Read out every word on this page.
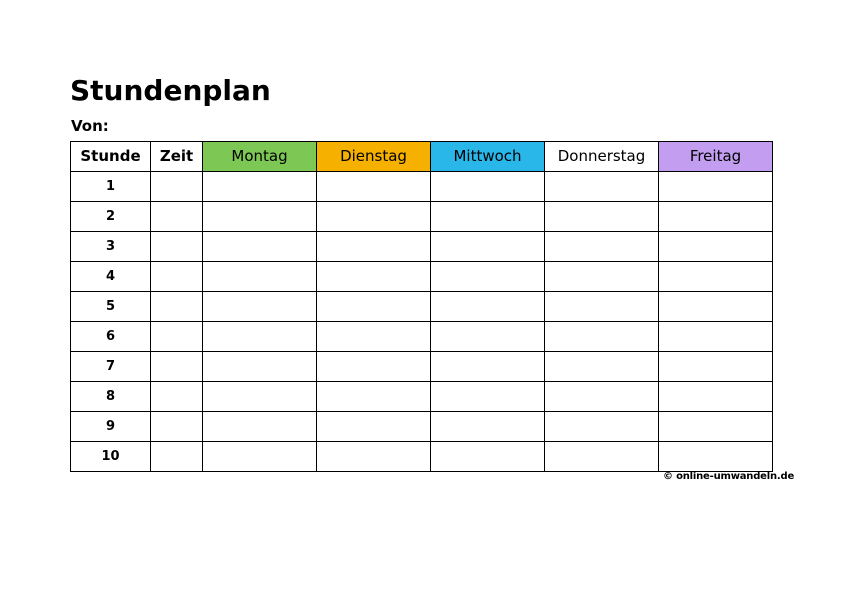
Stundenplan
Von:
Stunde	Zeit	Montag	Dienstag	Mittwoch	Donnerstag	Freitag
1						
2						
3						
4						
5						
6						
7						
8						
9						
10						
© online-umwandeln.de
